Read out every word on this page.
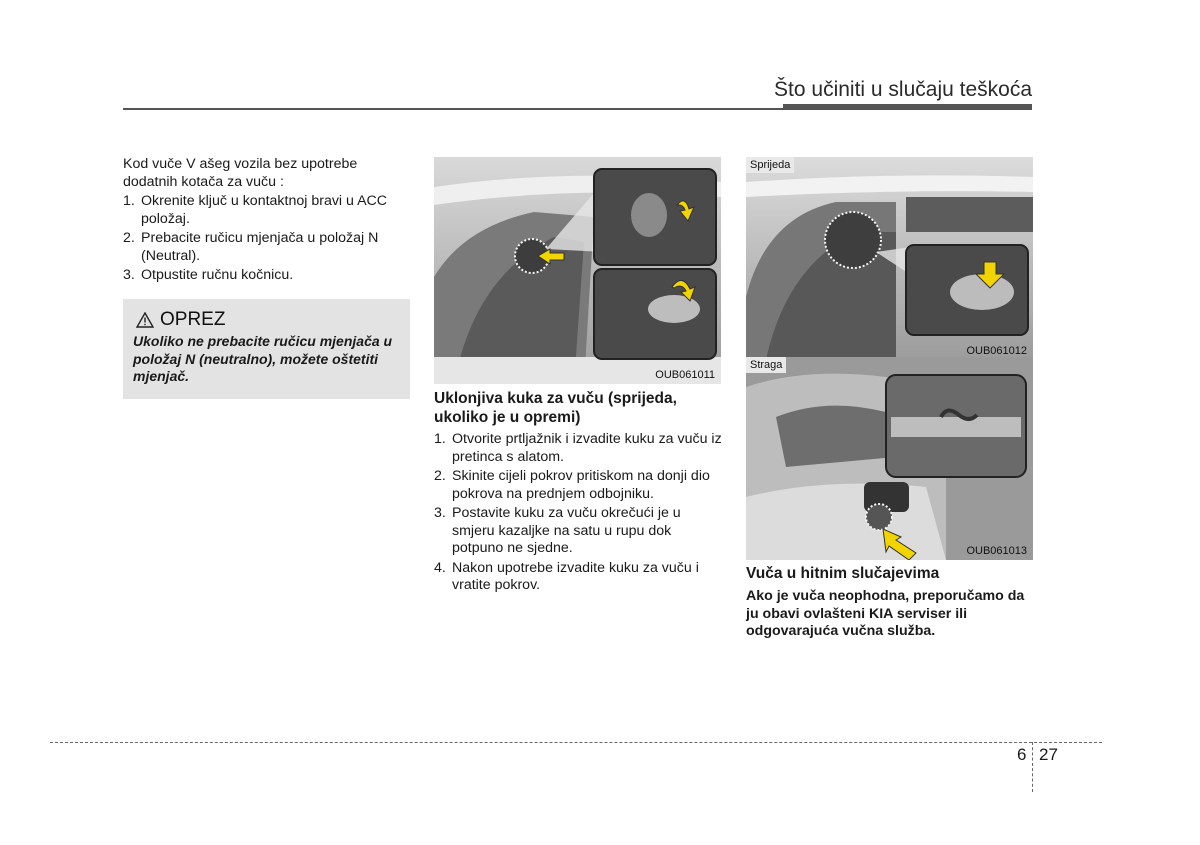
Što učiniti u slučaju teškoća

Kod vuče V ašeg vozila bez upotrebe dodatnih kotača za vuču :

1. Okrenite ključ u kontaktnoj bravi u ACC položaj.
2. Prebacite ručicu mjenjača u položaj N (Neutral).
3. Otpustite ručnu kočnicu.
OPREZ
Ukoliko ne prebacite ručicu mjenjača u položaj N (neutralno), možete oštetiti mjenjač.	OUB061011
Uklonjiva kuka za vuču (sprijeda, ukoliko je u opremi)
1. Otvorite prtljažnik i izvadite kuku za vuču iz pretinca s alatom.
2. Skinite cijeli pokrov pritiskom na donji dio pokrova na prednjem odbojniku.
3. Postavite kuku za vuču okrečući je u smjeru kazaljke na satu u rupu dok potpuno ne sjedne.
4. Nakon upotrebe izvadite kuku za vuču i vratite pokrov.
Sprijeda
OUB061012
Straga
OUB061013
Vuča u hitnim slučajevima
Ako je vuča neophodna, preporučamo da ju obavi ovlašteni KIA serviser ili odgovarajuća vučna služba.
6 27
